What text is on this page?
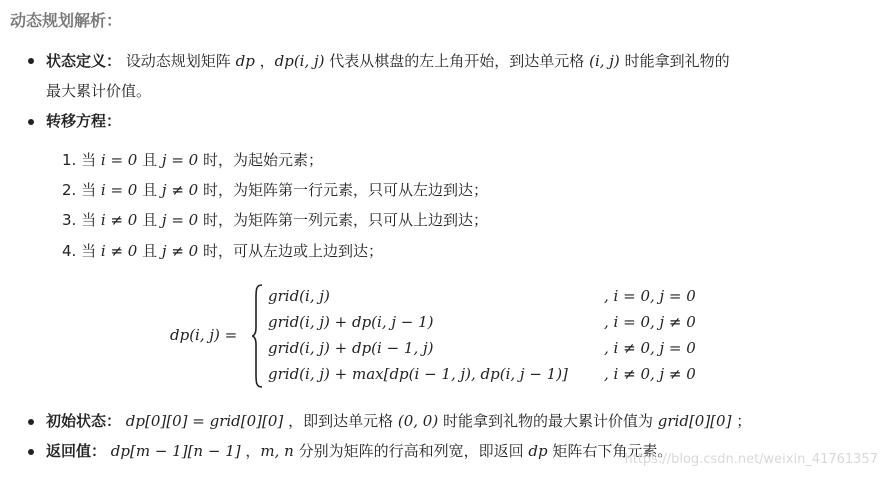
动态规划解析：
状态定义： 设动态规划矩阵 dp ，dp(i, j) 代表从棋盘的左上角开始，到达单元格 (i, j) 时能拿到礼物的
最大累计价值。
转移方程：
1. 当 i = 0 且 j = 0 时，为起始元素；
2. 当 i = 0 且 j ≠ 0 时，为矩阵第一行元素，只可从左边到达；
3. 当 i ≠ 0 且 j = 0 时，为矩阵第一列元素，只可从上边到达；
4. 当 i ≠ 0 且 j ≠ 0 时，可从左边或上边到达；
dp(i, j) =
grid(i, j)	, i = 0, j = 0
grid(i, j) + dp(i, j − 1)	, i = 0, j ≠ 0
grid(i, j) + dp(i − 1, j)	, i ≠ 0, j = 0
grid(i, j) + max[dp(i − 1, j), dp(i, j − 1)] , i ≠ 0, j ≠ 0
初始状态： dp[0][0] = grid[0][0] ，即到达单元格 (0, 0) 时能拿到礼物的最大累计价值为 grid[0][0] ；
返回值： dp[m − 1][n − 1] ，m, n 分别为矩阵的行高和列宽，即返回 dp 矩阵右下角元素。
https://blog.csdn.net/weixin_41761357
